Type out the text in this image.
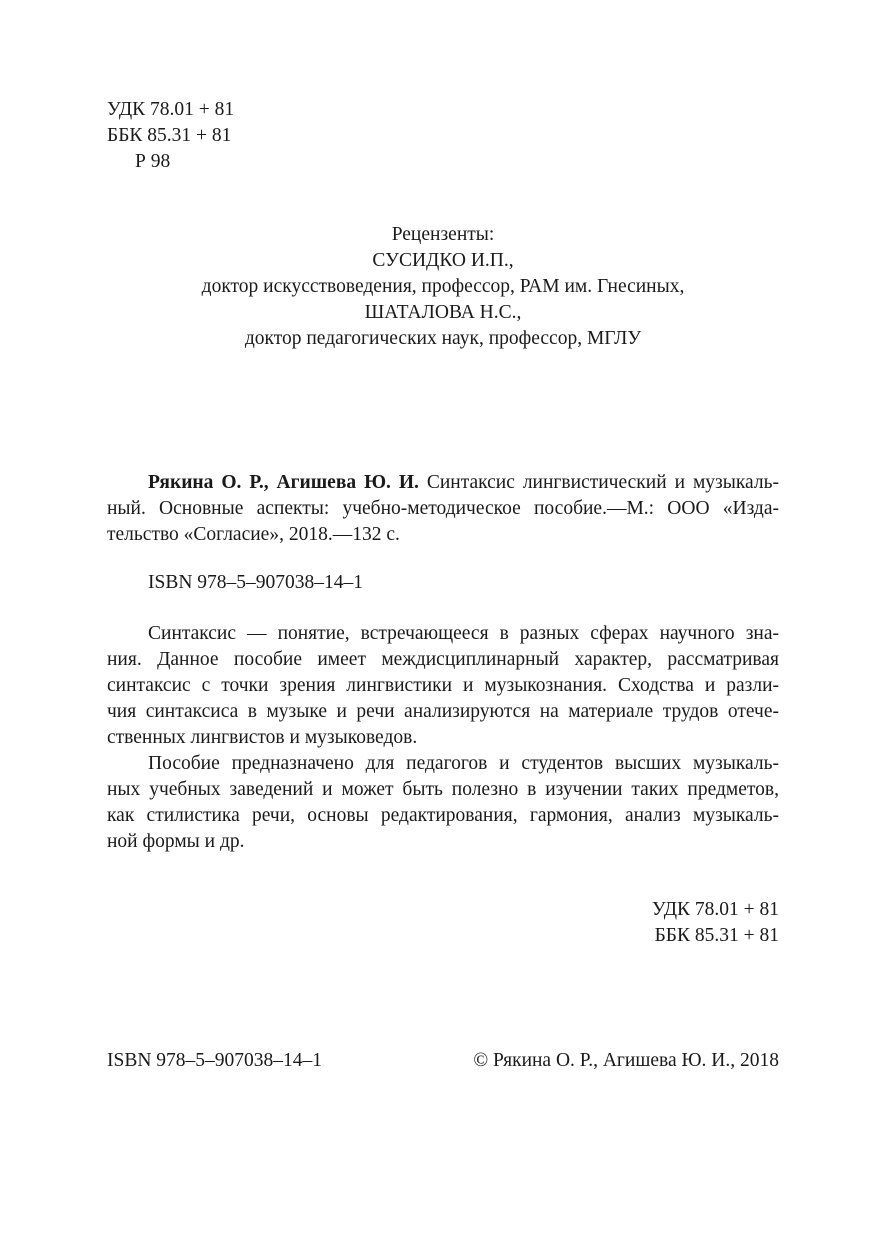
УДК 78.01 + 81
ББК 85.31 + 81
Р 98
Рецензенты:
СУСИДКО И.П.,
доктор искусствоведения, профессор, РАМ им. Гнесиных,
ШАТАЛОВА Н.С.,
доктор педагогических наук, профессор, МГЛУ
Рякина О. Р., Агишева Ю. И. Синтаксис лингвистический и музыкаль-
ный. Основные аспекты: учебно-методическое пособие.—М.: ООО «Изда-
тельство «Согласие», 2018.—132 с.
ISBN 978–5–907038–14–1
Синтаксис — понятие, встречающееся в разных сферах научного зна-
ния. Данное пособие имеет междисциплинарный характер, рассматривая
синтаксис с точки зрения лингвистики и музыкознания. Сходства и разли-
чия синтаксиса в музыке и речи анализируются на материале трудов отече-
ственных лингвистов и музыковедов.
Пособие предназначено для педагогов и студентов высших музыкаль-
ных учебных заведений и может быть полезно в изучении таких предметов,
как стилистика речи, основы редактирования, гармония, анализ музыкаль-
ной формы и др.
УДК 78.01 + 81
ББК 85.31 + 81
ISBN 978–5–907038–14–1	© Рякина О. Р., Агишева Ю. И., 2018
